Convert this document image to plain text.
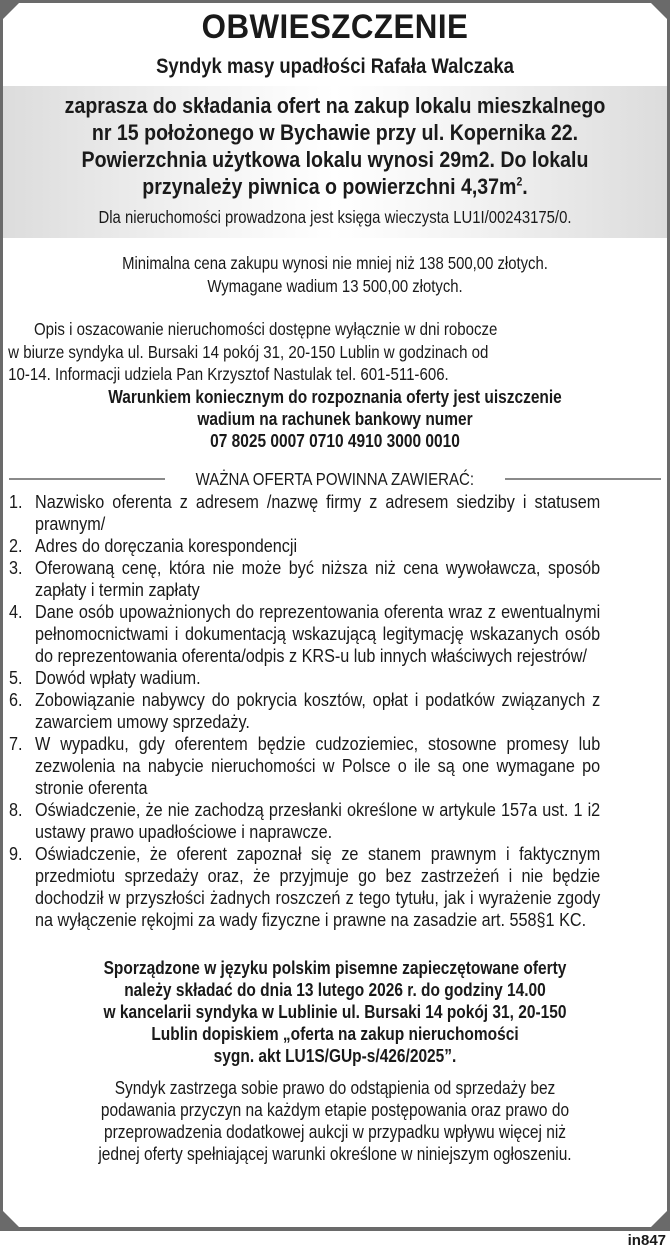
OBWIESZCZENIE
Syndyk masy upadłości Rafała Walczaka
zaprasza do składania ofert na zakup lokalu mieszkalnego
nr 15 położonego w Bychawie przy ul. Kopernika 22.
Powierzchnia użytkowa lokalu wynosi 29m2. Do lokalu
przynależy piwnica o powierzchni $4,37m^2$.
Dla nieruchomości prowadzona jest księga wieczysta LU1I/00243175/0.
Minimalna cena zakupu wynosi nie mniej niż 138 500,00 złotych.
Wymagane wadium 13 500,00 złotych.
Opis i oszacowanie nieruchomości dostępne wyłącznie w dni robocze
w biurze syndyka ul. Bursaki 14 pokój 31, 20-150 Lublin w godzinach od
10-14. Informacji udziela Pan Krzysztof Nastulak tel. 601-511-606.
Warunkiem koniecznym do rozpoznania oferty jest uiszczenie
wadium na rachunek bankowy numer
07 8025 0007 0710 4910 3000 0010
WAŻNA OFERTA POWINNA ZAWIERAĆ:
1. Nazwisko oferenta z adresem /nazwę firmy z adresem siedziby i statusem prawnym/
2. Adres do doręczania korespondencji
3. Oferowaną cenę, która nie może być niższa niż cena wywoławcza, sposób zapłaty i termin zapłaty
4. Dane osób upoważnionych do reprezentowania oferenta wraz z ewentualnymi pełnomocnictwami i dokumentacją wskazującą legitymację wskazanych osób do reprezentowania oferenta/odpis z KRS-u lub innych właściwych rejestrów/
5. Dowód wpłaty wadium.
6. Zobowiązanie nabywcy do pokrycia kosztów, opłat i podatków związanych z zawarciem umowy sprzedaży.
7. W wypadku, gdy oferentem będzie cudzoziemiec, stosowne promesy lub zezwolenia na nabycie nieruchomości w Polsce o ile są one wymagane po stronie oferenta
8. Oświadczenie, że nie zachodzą przesłanki określone w artykule 157a ust. 1 i2 ustawy prawo upadłościowe i naprawcze.
9. Oświadczenie, że oferent zapoznał się ze stanem prawnym i faktycznym przedmiotu sprzedaży oraz, że przyjmuje go bez zastrzeżeń i nie będzie dochodził w przyszłości żadnych roszczeń z tego tytułu, jak i wyrażenie zgody na wyłączenie rękojmi za wady fizyczne i prawne na zasadzie art. 558§1 KC.
Sporządzone w języku polskim pisemne zapieczętowane oferty
należy składać do dnia 13 lutego 2026 r. do godziny 14.00
w kancelarii syndyka w Lublinie ul. Bursaki 14 pokój 31, 20-150
Lublin dopiskiem „oferta na zakup nieruchomości
sygn. akt LU1S/GUp-s/426/2025”.
Syndyk zastrzega sobie prawo do odstąpienia od sprzedaży bez
podawania przyczyn na każdym etapie postępowania oraz prawo do
przeprowadzenia dodatkowej aukcji w przypadku wpływu więcej niż
jednej oferty spełniającej warunki określone w niniejszym ogłoszeniu.
in847
